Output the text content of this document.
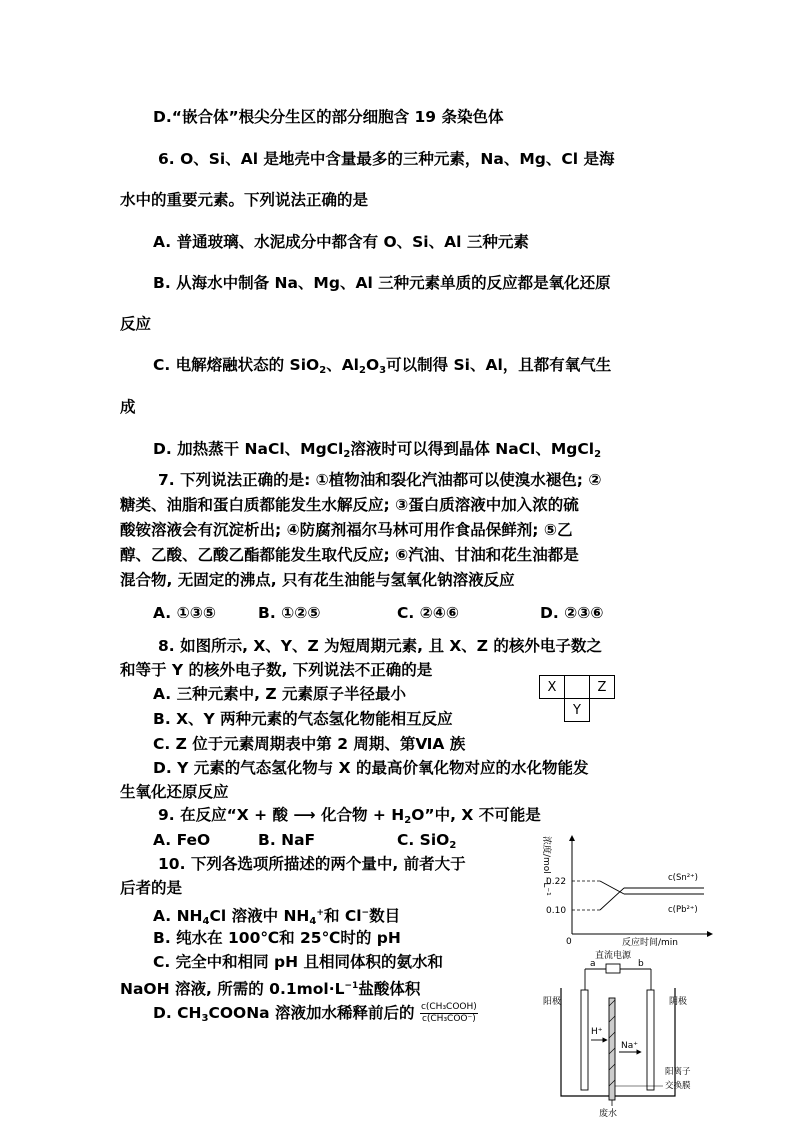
D.“嵌合体”根尖分生区的部分细胞含 19 条染色体
6. O、Si、Al 是地壳中含量最多的三种元素，Na、Mg、Cl 是海
水中的重要元素。下列说法正确的是
A. 普通玻璃、水泥成分中都含有 O、Si、Al 三种元素
B. 从海水中制备 Na、Mg、Al 三种元素单质的反应都是氧化还原
反应
C. 电解熔融状态的 SiO$_2$、$Al_2O_3$可以制得 Si、Al，且都有氧气生
成
D. 加热蒸干 NaCl、MgCl$_2$溶液时可以得到晶体 NaCl、MgCl$_2$
7. 下列说法正确的是: ①植物油和裂化汽油都可以使溴水褪色; ②
糖类、油脂和蛋白质都能发生水解反应; ③蛋白质溶液中加入浓的硫
酸铵溶液会有沉淀析出; ④防腐剂福尔马林可用作食品保鲜剂; ⑤乙
醇、乙酸、乙酸乙酯都能发生取代反应; ⑥汽油、甘油和花生油都是
混合物, 无固定的沸点, 只有花生油能与氢氧化钠溶液反应
A. ①③⑤	B. ①②⑤	C. ②④⑥	D. ②③⑥
8. 如图所示, X、Y、Z 为短周期元素, 且 X、Z 的核外电子数之
和等于 Y 的核外电子数, 下列说法不正确的是
A. 三种元素中, Z 元素原子半径最小
B. X、Y 两种元素的气态氢化物能相互反应
C. Z 位于元素周期表中第 2 周期、第ⅥA 族
D. Y 元素的气态氢化物与 X 的最高价氧化物对应的水化物能发
生氧化还原反应
X	Z
Y
9. 在反应“X + 酸 ⟶ 化合物 + $H_2O$”中, X 不可能是
A. FeO	B. NaF	C. SiO$_2$
10. 下列各选项所描述的两个量中, 前者大于
后者的是
A. $NH_4Cl$ 溶液中 $NH_4^+$和 Cl−数目
B. 纯水在 100℃和 25℃时的 pH
C. 完全中和相同 pH 且相同体积的氨水和
NaOH 溶液, 所需的 $0.1mol\cdot L^{-1}$盐酸体积
D. $CH_3COONa$ 溶液加水稀释前后的 $\frac{\text{c(CH₃COOH)}}{\text{c(CH₃COO⁻)}}$
浓度/mol · L⁻¹
0.22
0.10
0	反应时间/min
c(Sn²⁺)
c(Pb²⁺)
直流电源
a	b
阳极	阴极
H⁺
Na⁺
阳离子
交换膜
废水
